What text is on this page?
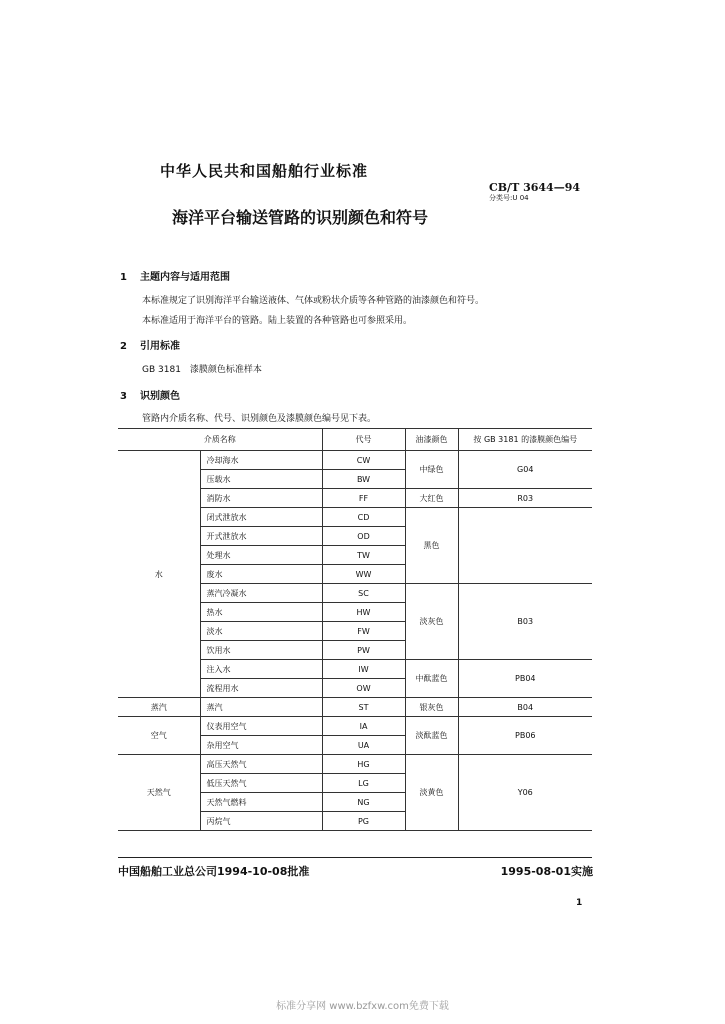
中华人民共和国船舶行业标准
CB/T 3644—94
分类号:U 04
海洋平台输送管路的识别颜色和符号
1 主题内容与适用范围
本标准规定了识别海洋平台输送液体、气体或粉状介质等各种管路的油漆颜色和符号。
本标准适用于海洋平台的管路。陆上装置的各种管路也可参照采用。
2 引用标准
GB 3181　漆膜颜色标准样本
3 识别颜色
管路内介质名称、代号、识别颜色及漆膜颜色编号见下表。
介质名称		代号	油漆颜色	按 GB 3181 的漆膜颜色编号
水	冷却海水	CW	中绿色	G04
	压载水	BW		
	消防水	FF	大红色	R03
	闭式泄放水	CD	黑色	
	开式泄放水	OD		
	处理水	TW		
	废水	WW		
	蒸汽冷凝水	SC	淡灰色	B03
	热水	HW		
	淡水	FW		
	饮用水	PW		
	注入水	IW	中酞蓝色	PB04
	流程用水	OW		
蒸汽	蒸汽	ST	银灰色	B04
空气	仪表用空气	IA	淡酞蓝色	PB06
	杂用空气	UA		
天然气	高压天然气	HG	淡黄色	Y06
	低压天然气	LG		
	天然气燃料	NG		
	丙烷气	PG		
中国船舶工业总公司1994-10-08批准	1995-08-01实施
1
标准分享网 www.bzfxw.com免费下载
